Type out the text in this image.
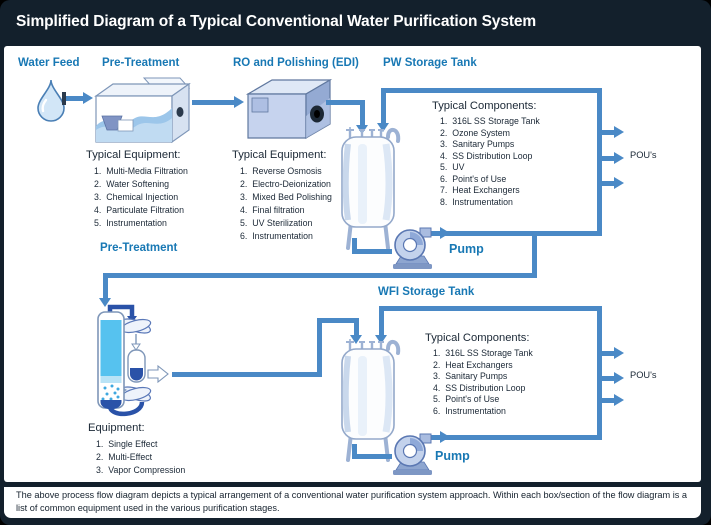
Simplified Diagram of a Typical Conventional Water Purification System
Water Feed Pre-Treatment	RO and Polishing (EDI) PW Storage Tank
POU's
Pump
Typical Components:
1.  316L SS Storage Tank
2.  Ozone System
3.  Sanitary Pumps
4.  SS Distribution Loop
5.  UV
6.  Point's of Use
7.  Heat Exchangers
8.  Instrumentation
Typical Equipment:
1.  Multi-Media Filtration
2.  Water Softening
3.  Chemical Injection
4.  Particulate Filtration
5.  Instrumentation
Typical Equipment:
1.  Reverse Osmosis
2.  Electro-Deionization
3.  Mixed Bed Polishing
4.  Final filtration
5.  UV Sterilization
6.  Instrumentation
Pre-Treatment
Equipment:
1.  Single Effect
2.  Multi-Effect
3.  Vapor Compression
WFI Storage Tank
POU's
Typical Components:
1.  316L SS Storage Tank
2.  Heat Exchangers
3.  Sanitary Pumps
4.  SS Distribution Loop
5.  Point's of Use
6.  Instrumentation
Pump
The above process flow diagram depicts a typical arrangement of a conventional water purification system approach. Within each box/section of the flow diagram is a list of common equipment used in the various purification stages.
